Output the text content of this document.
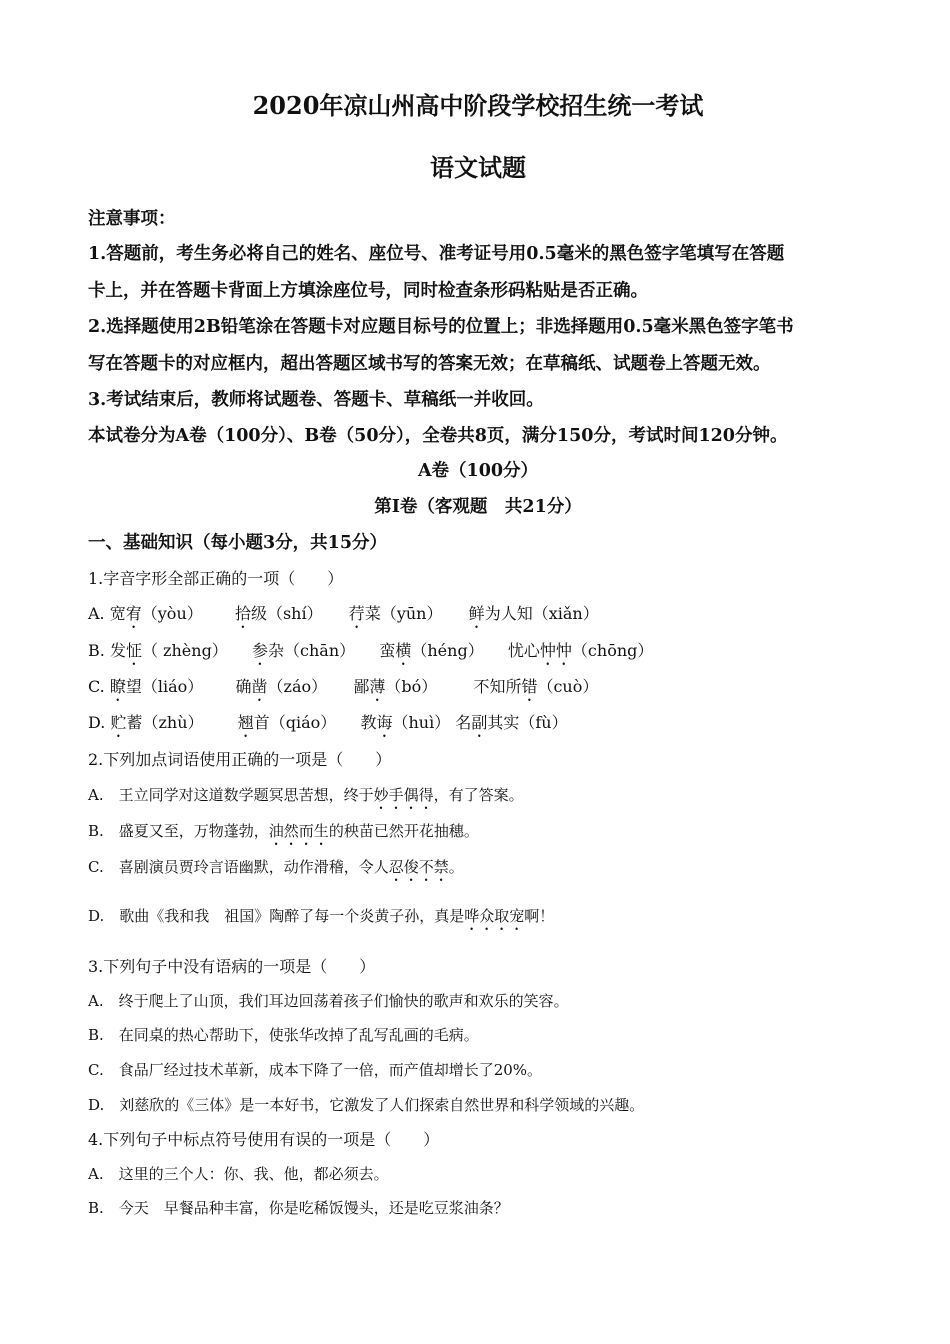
2020年凉山州高中阶段学校招生统一考试
语文试题
注意事项：
1.答题前，考生务必将自己的姓名、座位号、准考证号用0.5毫米的黑色签字笔填写在答题
卡上，并在答题卡背面上方填涂座位号，同时检查条形码粘贴是否正确。
2.选择题使用2B铅笔涂在答题卡对应题目标号的位置上；非选择题用0.5毫米黑色签字笔书
写在答题卡的对应框内，超出答题区域书写的答案无效；在草稿纸、试题卷上答题无效。
3.考试结束后，教师将试题卷、答题卡、草稿纸一并收回。
本试卷分为A卷（100分）、B卷（50分），全卷共8页，满分150分，考试时间120分钟。
A卷（100分）
第Ⅰ卷（客观题　共21分）
一、基础知识（每小题3分，共15分）
1.字音字形全部正确的一项（　　）
A. 宽宥（yòu） 拾级（shí） 荇菜（yūn） 鲜为人知（xiǎn）
B. 发怔（ zhèng） 参杂（chān） 蛮横（héng） 忧心忡忡（chōng）
C. 瞭望（liáo） 确凿（záo） 鄙薄（bó） 不知所错（cuò）
D. 贮蓄（zhù） 翘首（qiáo） 教诲（huì） 名副其实（fù）
2.下列加点词语使用正确的一项是（　　）
A.　王立同学对这道数学题冥思苦想，终于妙手偶得，有了答案。
B.　盛夏又至，万物蓬勃，油然而生的秧苗已然开花抽穗。
C.　喜剧演员贾玲言语幽默，动作滑稽，令人忍俊不禁。
D.　歌曲《我和我　祖国》陶醉了每一个炎黄子孙，真是哗众取宠啊！
3.下列句子中没有语病的一项是（　　）
A.　终于爬上了山顶，我们耳边回荡着孩子们愉快的歌声和欢乐的笑容。
B.　在同桌的热心帮助下，使张华改掉了乱写乱画的毛病。
C.　食品厂经过技术革新，成本下降了一倍，而产值却增长了20%。
D.　刘慈欣的《三体》是一本好书，它激发了人们探索自然世界和科学领域的兴趣。
4.下列句子中标点符号使用有误的一项是（　　）
A.　这里的三个人：你、我、他，都必须去。
B.　今天　早餐品种丰富，你是吃稀饭馒头，还是吃豆浆油条？
